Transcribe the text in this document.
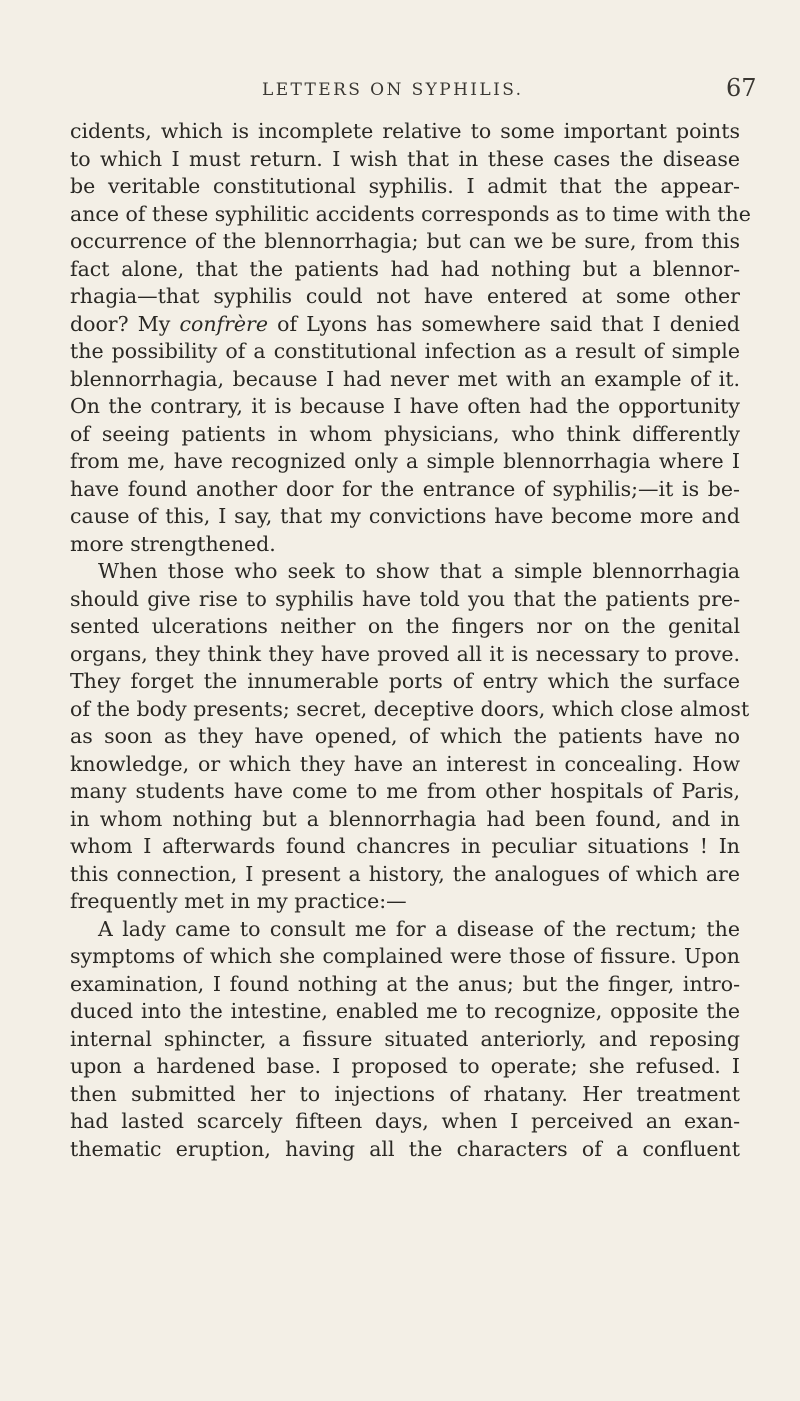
LETTERS ON SYPHILIS.	67
cidents, which is incomplete relative to some important points
to which I must return. I wish that in these cases the disease
be veritable constitutional syphilis. I admit that the appear-
ance of these syphilitic accidents corresponds as to time with the
occurrence of the blennorrhagia; but can we be sure, from this
fact alone, that the patients had had nothing but a blennor-
rhagia—that syphilis could not have entered at some other
door? My confrère of Lyons has somewhere said that I denied
the possibility of a constitutional infection as a result of simple
blennorrhagia, because I had never met with an example of it.
On the contrary, it is because I have often had the opportunity
of seeing patients in whom physicians, who think differently
from me, have recognized only a simple blennorrhagia where I
have found another door for the entrance of syphilis;—it is be-
cause of this, I say, that my convictions have become more and
more strengthened.
When those who seek to show that a simple blennorrhagia
should give rise to syphilis have told you that the patients pre-
sented ulcerations neither on the fingers nor on the genital
organs, they think they have proved all it is necessary to prove.
They forget the innumerable ports of entry which the surface
of the body presents; secret, deceptive doors, which close almost
as soon as they have opened, of which the patients have no
knowledge, or which they have an interest in concealing. How
many students have come to me from other hospitals of Paris,
in whom nothing but a blennorrhagia had been found, and in
whom I afterwards found chancres in peculiar situations ! In
this connection, I present a history, the analogues of which are
frequently met in my practice:—
A lady came to consult me for a disease of the rectum; the
symptoms of which she complained were those of fissure. Upon
examination, I found nothing at the anus; but the finger, intro-
duced into the intestine, enabled me to recognize, opposite the
internal sphincter, a fissure situated anteriorly, and reposing
upon a hardened base. I proposed to operate; she refused. I
then submitted her to injections of rhatany. Her treatment
had lasted scarcely fifteen days, when I perceived an exan-
thematic eruption, having all the characters of a confluent
